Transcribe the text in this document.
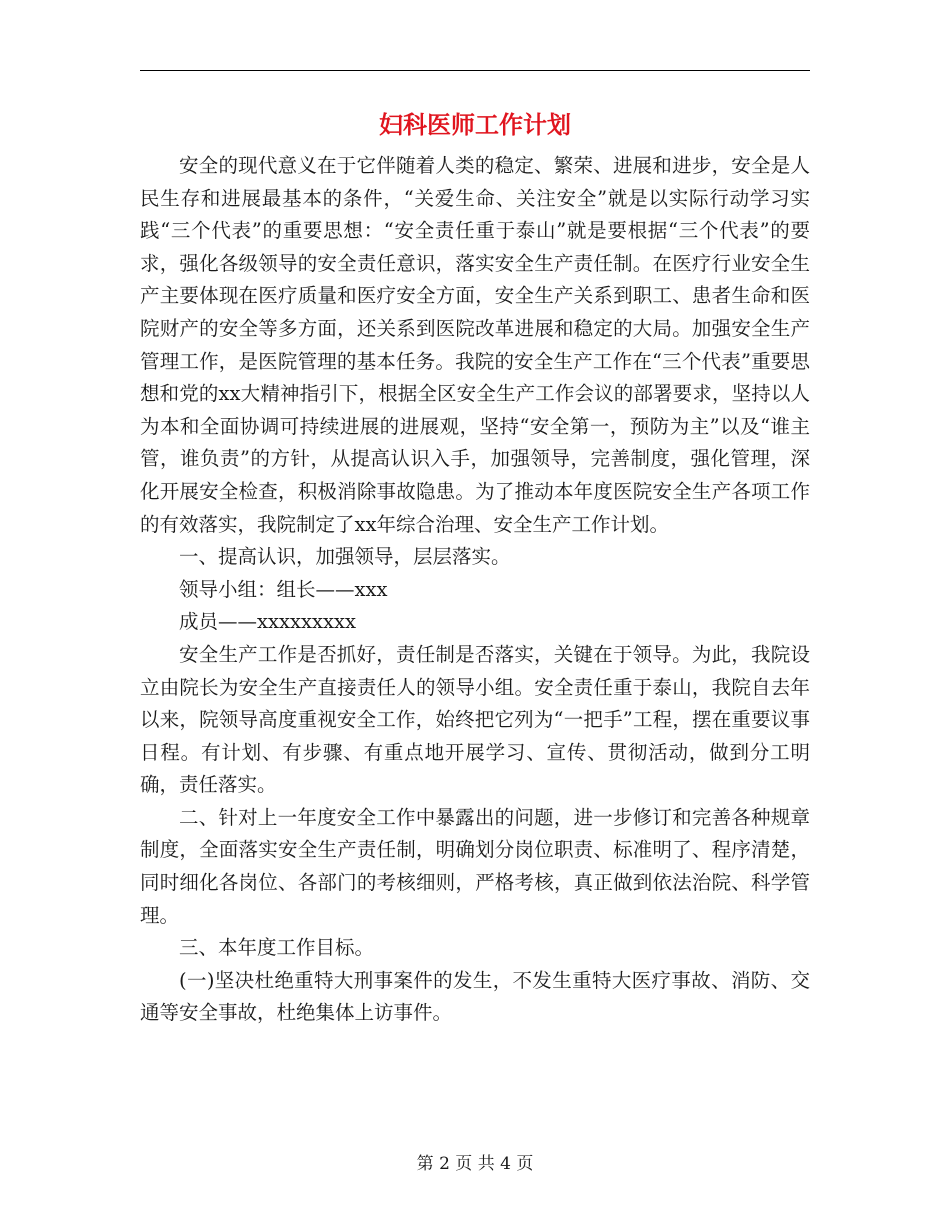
妇科医师工作计划

安全的现代意义在于它伴随着人类的稳定、繁荣、进展和进步，安全是人民生存和进展最基本的条件，“关爱生命、关注安全”就是以实际行动学习实践“三个代表”的重要思想：“安全责任重于泰山”就是要根据“三个代表”的要求，强化各级领导的安全责任意识，落实安全生产责任制。在医疗行业安全生产主要体现在医疗质量和医疗安全方面，安全生产关系到职工、患者生命和医院财产的安全等多方面，还关系到医院改革进展和稳定的大局。加强安全生产管理工作，是医院管理的基本任务。我院的安全生产工作在“三个代表”重要思想和党的xx大精神指引下，根据全区安全生产工作会议的部署要求，坚持以人为本和全面协调可持续进展的进展观，坚持“安全第一，预防为主”以及“谁主管，谁负责”的方针，从提高认识入手，加强领导，完善制度，强化管理，深化开展安全检查，积极消除事故隐患。为了推动本年度医院安全生产各项工作的有效落实，我院制定了xx年综合治理、安全生产工作计划。

一、提高认识，加强领导，层层落实。

领导小组：组长——xxx

成员——xxxxxxxxx

安全生产工作是否抓好，责任制是否落实，关键在于领导。为此，我院设立由院长为安全生产直接责任人的领导小组。安全责任重于泰山，我院自去年以来，院领导高度重视安全工作，始终把它列为“一把手”工程，摆在重要议事日程。有计划、有步骤、有重点地开展学习、宣传、贯彻活动，做到分工明确，责任落实。

二、针对上一年度安全工作中暴露出的问题，进一步修订和完善各种规章制度，全面落实安全生产责任制，明确划分岗位职责、标准明了、程序清楚，同时细化各岗位、各部门的考核细则，严格考核，真正做到依法治院、科学管理。

三、本年度工作目标。

(一)坚决杜绝重特大刑事案件的发生，不发生重特大医疗事故、消防、交通等安全事故，杜绝集体上访事件。

第 2 页 共 4 页
